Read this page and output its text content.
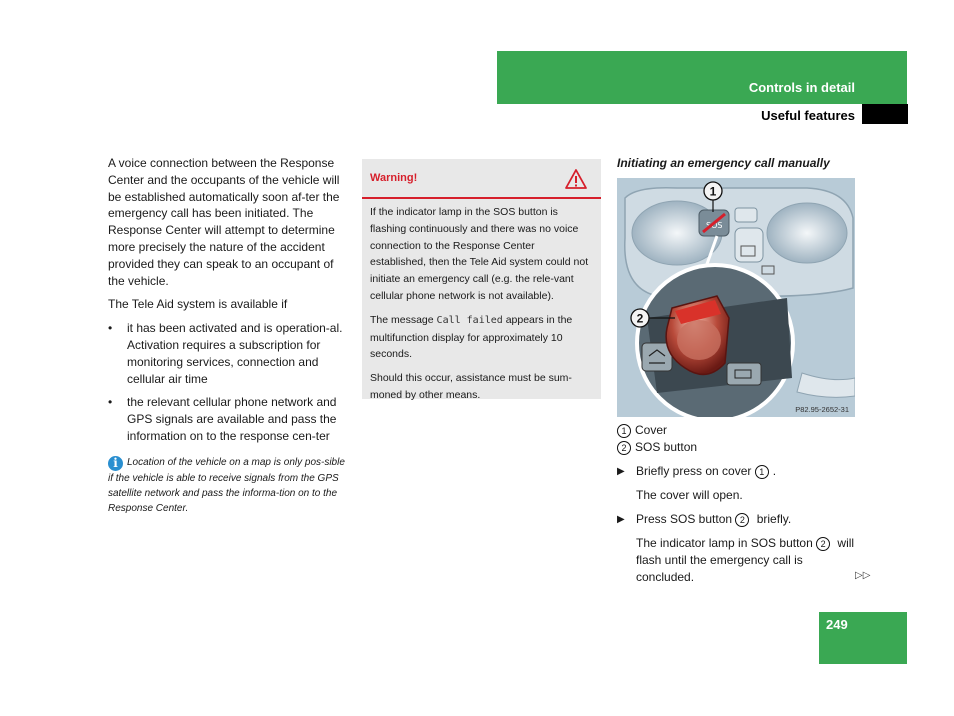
Controls in detail
Useful features

A voice connection between the Response Center and the occupants of the vehicle will be established automatically soon af-ter the emergency call has been initiated. The Response Center will attempt to determine more precisely the nature of the accident provided they can speak to an occupant of the vehicle.

The Tele Aid system is available if

• it has been activated and is operation-al. Activation requires a subscription for monitoring services, connection and cellular air time
• the relevant cellular phone network and GPS signals are available and pass the information on to the response cen-ter
i Location of the vehicle on a map is only pos-sible if the vehicle is able to receive signals from the GPS satellite network and pass the informa-tion on to the Response Center.
Warning!

If the indicator lamp in the SOS button is flashing continuously and there was no voice connection to the Response Center established, then the Tele Aid system could not initiate an emergency call (e.g. the rele-vant cellular phone network is not available).

The message Call failed appears in the multifunction display for approximately 10 seconds.

Should this occur, assistance must be sum-moned by other means.

Initiating an emergency call manually
SOS
1
2
P82.95-2652-31
1 Cover
2 SOS button
▶ Briefly press on cover 1 .
The cover will open.
▶ Press SOS button 2 briefly.
The indicator lamp in SOS button 2 will flash until the emergency call is concluded.	▷▷
249
